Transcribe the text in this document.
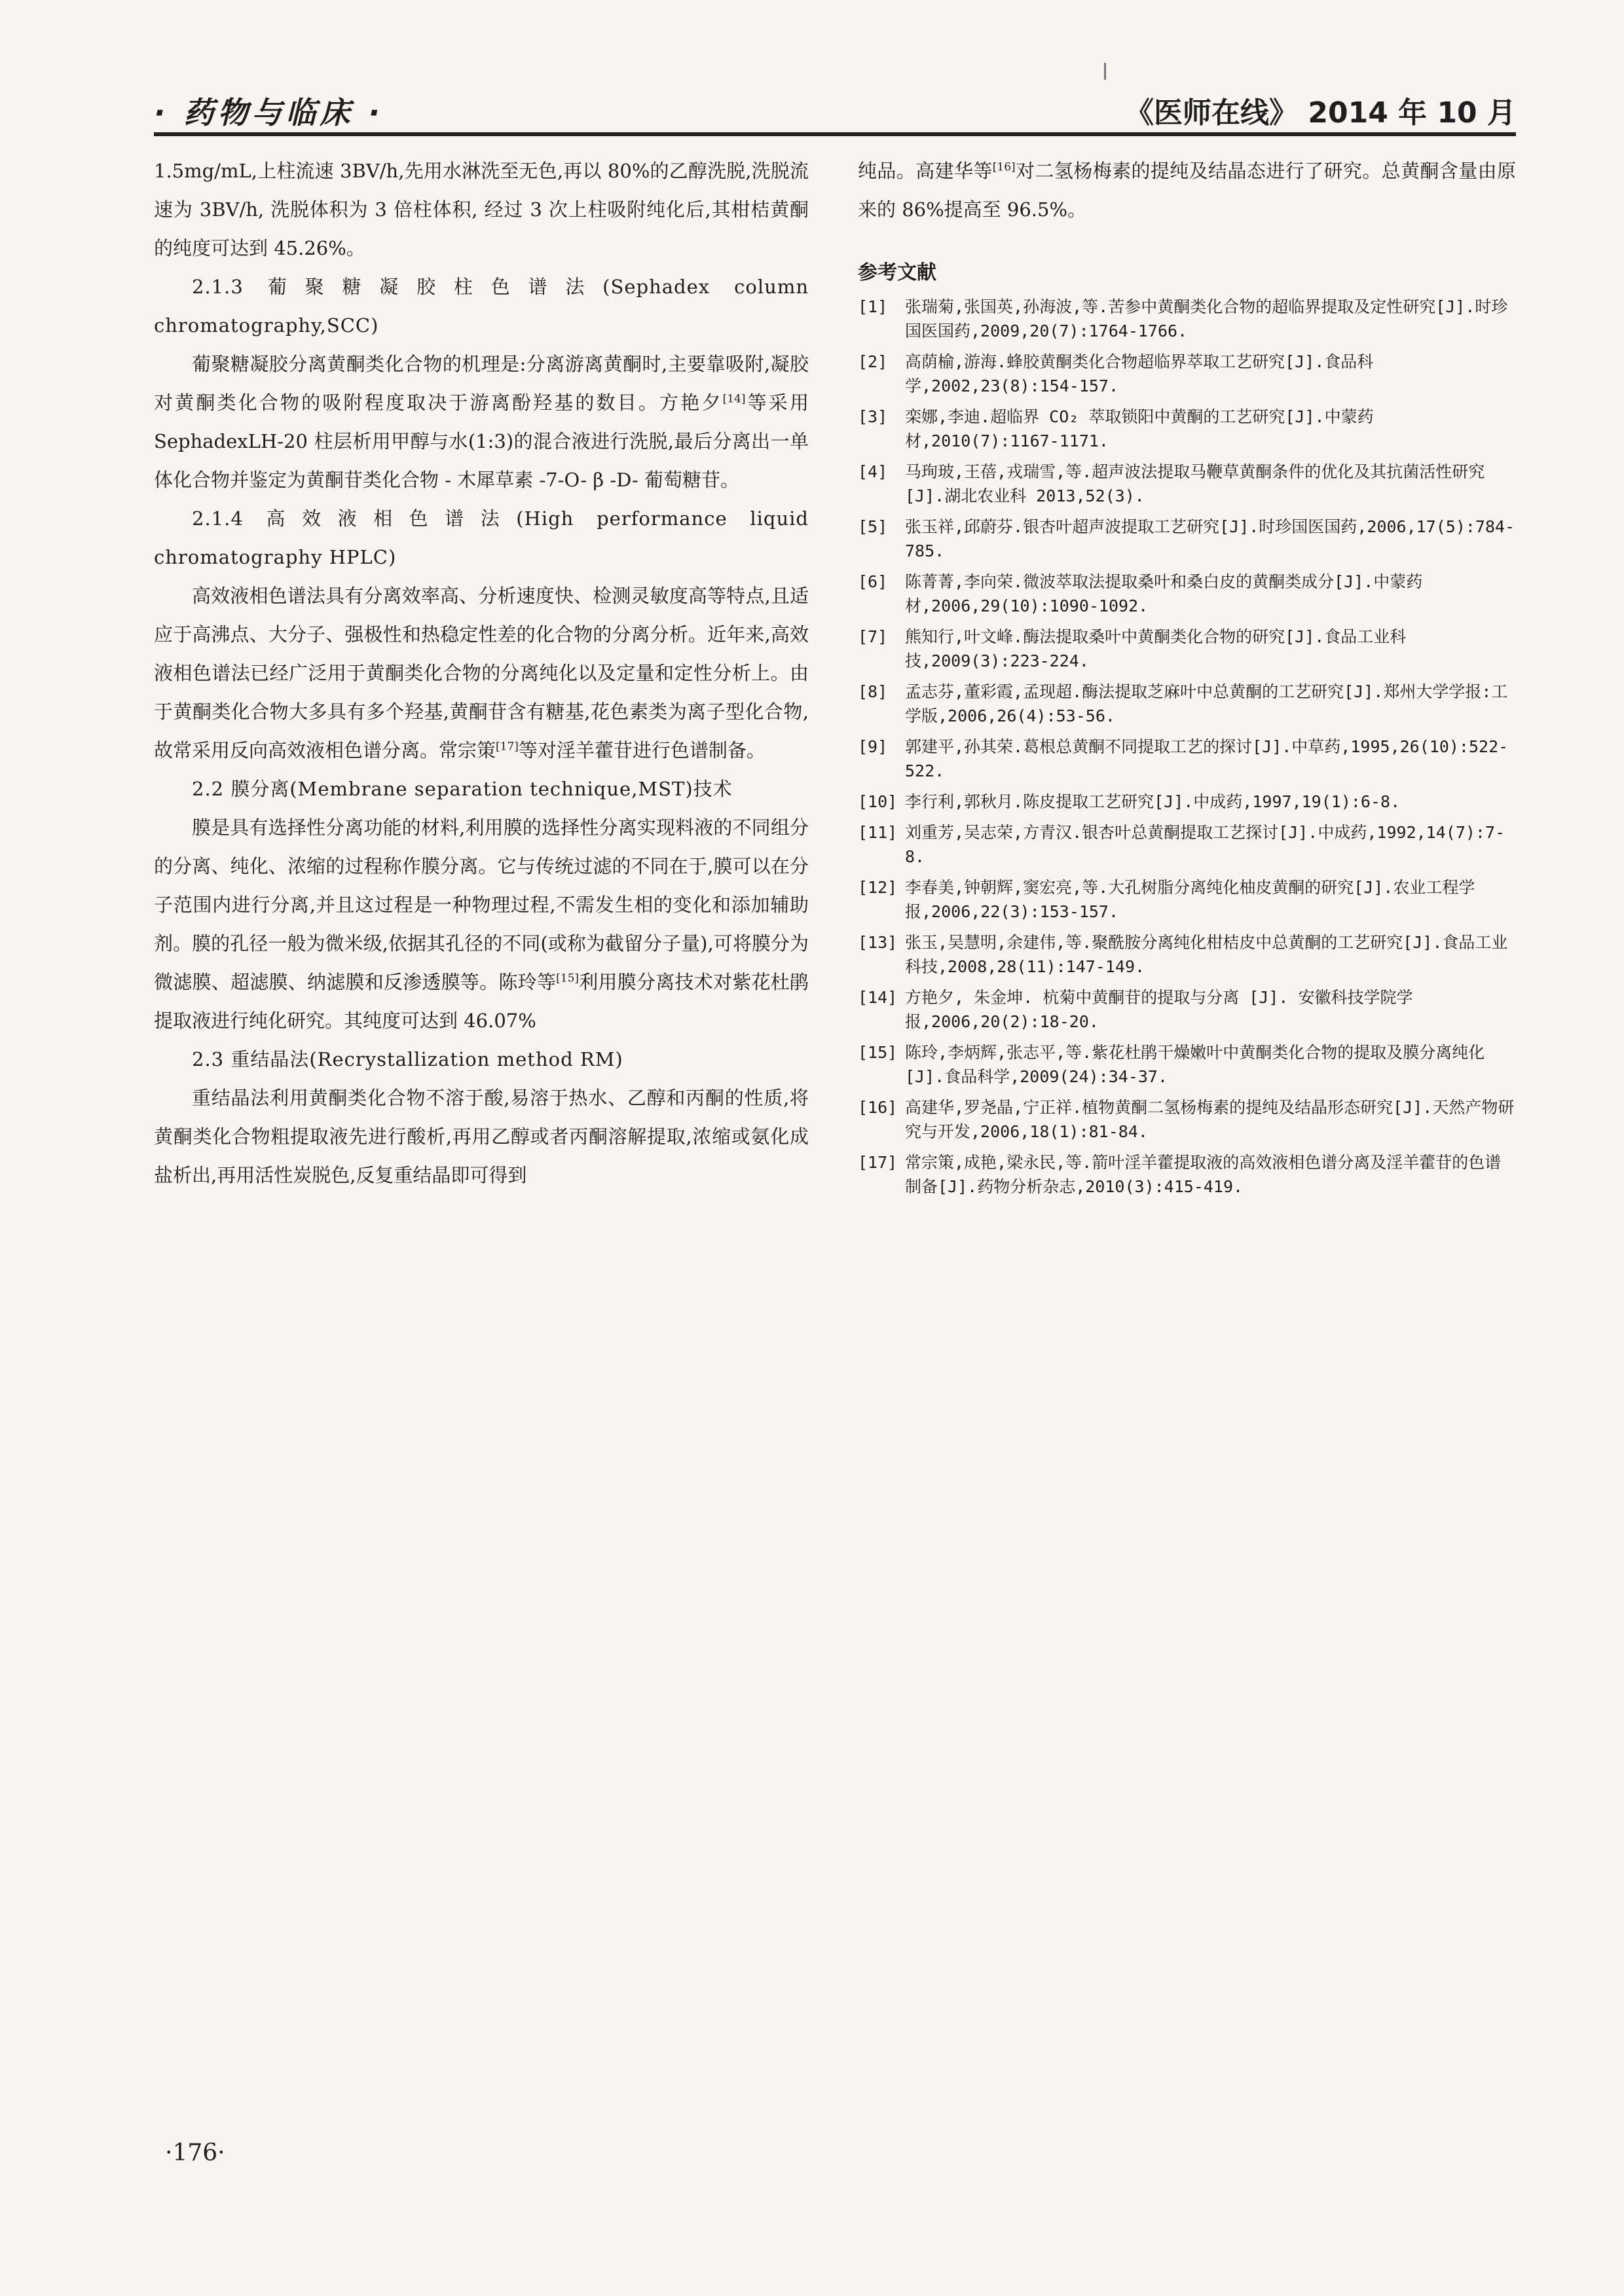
· 药物与临床 ·	《医师在线》 2014 年 10 月

1.5mg/mL,上柱流速 3BV/h,先用水淋洗至无色,再以 80%的乙醇洗脱,洗脱流速为 3BV/h, 洗脱体积为 3 倍柱体积, 经过 3 次上柱吸附纯化后,其柑桔黄酮的纯度可达到 45.26%。

2.1.3 葡聚糖凝胶柱色谱法(Sephadex column chromatography,SCC)

葡聚糖凝胶分离黄酮类化合物的机理是:分离游离黄酮时,主要靠吸附,凝胶对黄酮类化合物的吸附程度取决于游离酚羟基的数目。方艳夕[14]等采用 SephadexLH-20 柱层析用甲醇与水(1:3)的混合液进行洗脱,最后分离出一单体化合物并鉴定为黄酮苷类化合物 - 木犀草素 -7-O- β -D- 葡萄糖苷。

2.1.4 高效液相色谱法(High performance liquid chromatography HPLC)

高效液相色谱法具有分离效率高、分析速度快、检测灵敏度高等特点,且适应于高沸点、大分子、强极性和热稳定性差的化合物的分离分析。近年来,高效液相色谱法已经广泛用于黄酮类化合物的分离纯化以及定量和定性分析上。由于黄酮类化合物大多具有多个羟基,黄酮苷含有糖基,花色素类为离子型化合物,故常采用反向高效液相色谱分离。常宗策[17]等对淫羊藿苷进行色谱制备。

2.2 膜分离(Membrane separation technique,MST)技术

膜是具有选择性分离功能的材料,利用膜的选择性分离实现料液的不同组分的分离、纯化、浓缩的过程称作膜分离。它与传统过滤的不同在于,膜可以在分子范围内进行分离,并且这过程是一种物理过程,不需发生相的变化和添加辅助剂。膜的孔径一般为微米级,依据其孔径的不同(或称为截留分子量),可将膜分为微滤膜、超滤膜、纳滤膜和反渗透膜等。陈玲等[15]利用膜分离技术对紫花杜鹃提取液进行纯化研究。其纯度可达到 46.07%

2.3 重结晶法(Recrystallization method RM)

重结晶法利用黄酮类化合物不溶于酸,易溶于热水、乙醇和丙酮的性质,将黄酮类化合物粗提取液先进行酸析,再用乙醇或者丙酮溶解提取,浓缩或氨化成盐析出,再用活性炭脱色,反复重结晶即可得到

纯品。高建华等[16]对二氢杨梅素的提纯及结晶态进行了研究。总黄酮含量由原来的 86%提高至 96.5%。

参考文献
[1]	张瑞菊,张国英,孙海波,等.苦参中黄酮类化合物的超临界提取及定性研究[J].时珍国医国药,2009,20(7):1764-1766.
[2]	高荫榆,游海.蜂胶黄酮类化合物超临界萃取工艺研究[J].食品科学,2002,23(8):154-157.
[3]	栾娜,李迪.超临界 CO₂ 萃取锁阳中黄酮的工艺研究[J].中蒙药材,2010(7):1167-1171.
[4]	马珣玻,王蓓,戎瑞雪,等.超声波法提取马鞭草黄酮条件的优化及其抗菌活性研究[J].湖北农业科 2013,52(3).
[5]	张玉祥,邱蔚芬.银杏叶超声波提取工艺研究[J].时珍国医国药,2006,17(5):784-785.
[6]	陈菁菁,李向荣.微波萃取法提取桑叶和桑白皮的黄酮类成分[J].中蒙药材,2006,29(10):1090-1092.
[7]	熊知行,叶文峰.酶法提取桑叶中黄酮类化合物的研究[J].食品工业科技,2009(3):223-224.
[8]	孟志芬,董彩霞,孟现超.酶法提取芝麻叶中总黄酮的工艺研究[J].郑州大学学报:工学版,2006,26(4):53-56.
[9]	郭建平,孙其荣.葛根总黄酮不同提取工艺的探讨[J].中草药,1995,26(10):522-522.
[10] 李行利,郭秋月.陈皮提取工艺研究[J].中成药,1997,19(1):6-8.
[11] 刘重芳,吴志荣,方青汉.银杏叶总黄酮提取工艺探讨[J].中成药,1992,14(7):7-8.
[12] 李春美,钟朝辉,窦宏亮,等.大孔树脂分离纯化柚皮黄酮的研究[J].农业工程学报,2006,22(3):153-157.
[13] 张玉,吴慧明,余建伟,等.聚酰胺分离纯化柑桔皮中总黄酮的工艺研究[J].食品工业科技,2008,28(11):147-149.
[14] 方艳夕, 朱金坤. 杭菊中黄酮苷的提取与分离 [J]. 安徽科技学院学报,2006,20(2):18-20.
[15] 陈玲,李炳辉,张志平,等.紫花杜鹃干燥嫩叶中黄酮类化合物的提取及膜分离纯化[J].食品科学,2009(24):34-37.
[16] 高建华,罗尧晶,宁正祥.植物黄酮二氢杨梅素的提纯及结晶形态研究[J].天然产物研究与开发,2006,18(1):81-84.
[17] 常宗策,成艳,梁永民,等.箭叶淫羊藿提取液的高效液相色谱分离及淫羊藿苷的色谱制备[J].药物分析杂志,2010(3):415-419.
·176·
